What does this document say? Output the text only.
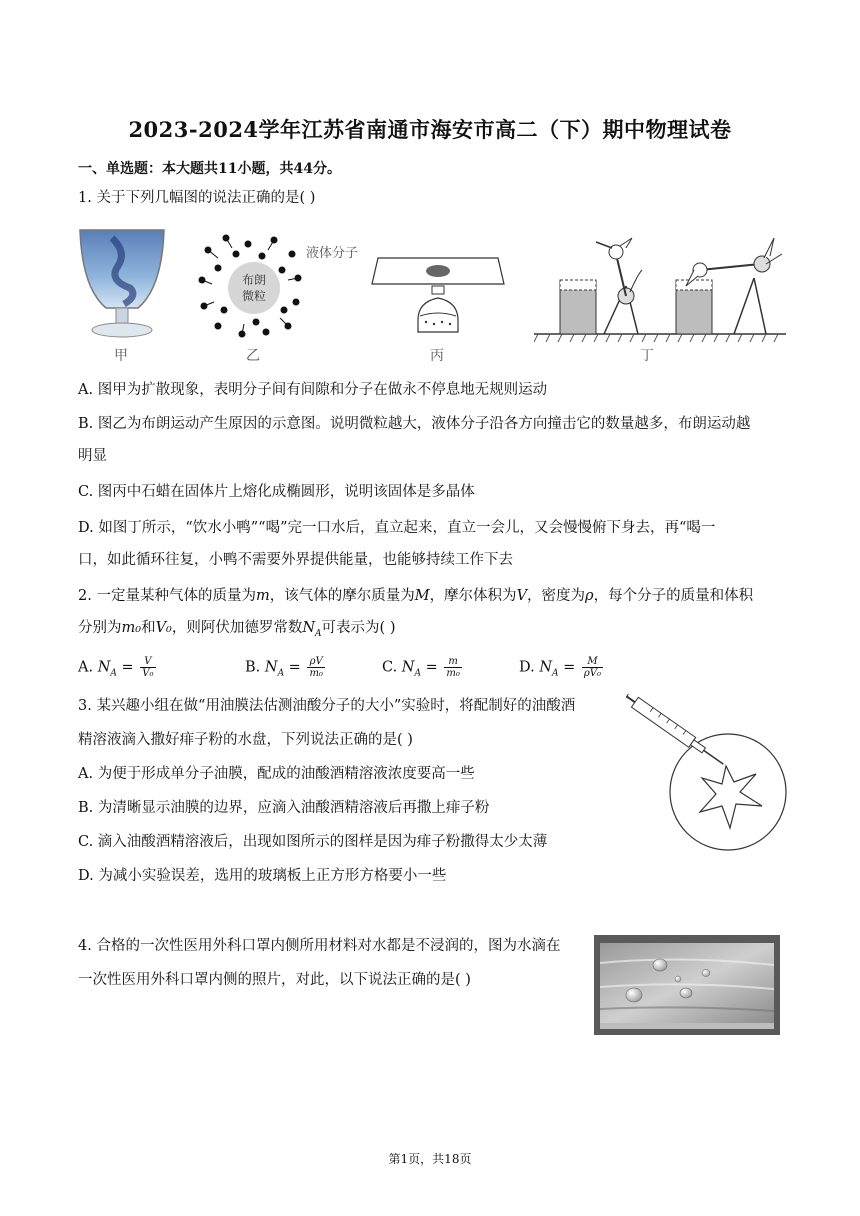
2023-2024学年江苏省南通市海安市高二（下）期中物理试卷
一、单选题：本大题共11小题，共44分。
1. 关于下列几幅图的说法正确的是( )
甲
布朗
微粒
液体分子
乙	丙	丁
A. 图甲为扩散现象，表明分子间有间隙和分子在做永不停息地无规则运动
B. 图乙为布朗运动产生原因的示意图。说明微粒越大，液体分子沿各方向撞击它的数量越多，布朗运动越
明显
C. 图丙中石蜡在固体片上熔化成椭圆形，说明该固体是多晶体
D. 如图丁所示，“饮水小鸭”“喝”完一口水后，直立起来，直立一会儿，又会慢慢俯下身去，再“喝一
口，如此循环往复，小鸭不需要外界提供能量，也能够持续工作下去
2. 一定量某种气体的质量为m，该气体的摩尔质量为M，摩尔体积为V，密度为ρ，每个分子的质量和体积
分别为m₀和V₀，则阿伏加德罗常数$N_A$可表示为( )
A. $N_A = \frac{V}{\text{V₀}}$	B. $N_A = \frac{\rho V}{\text{m₀}}$	C. $N_A = \frac{m}{\text{m₀}}$	D. $N_A = \frac{M}{\text{ρV₀}}$
3. 某兴趣小组在做“用油膜法估测油酸分子的大小”实验时，将配制好的油酸酒
精溶液滴入撒好痱子粉的水盘，下列说法正确的是( )
A. 为便于形成单分子油膜，配成的油酸酒精溶液浓度要高一些
B. 为清晰显示油膜的边界，应滴入油酸酒精溶液后再撒上痱子粉
C. 滴入油酸酒精溶液后，出现如图所示的图样是因为痱子粉撒得太少太薄
D. 为减小实验误差，选用的玻璃板上正方形方格要小一些
4. 合格的一次性医用外科口罩内侧所用材料对水都是不浸润的，图为水滴在
一次性医用外科口罩内侧的照片，对此，以下说法正确的是( )
第1页，共18页
